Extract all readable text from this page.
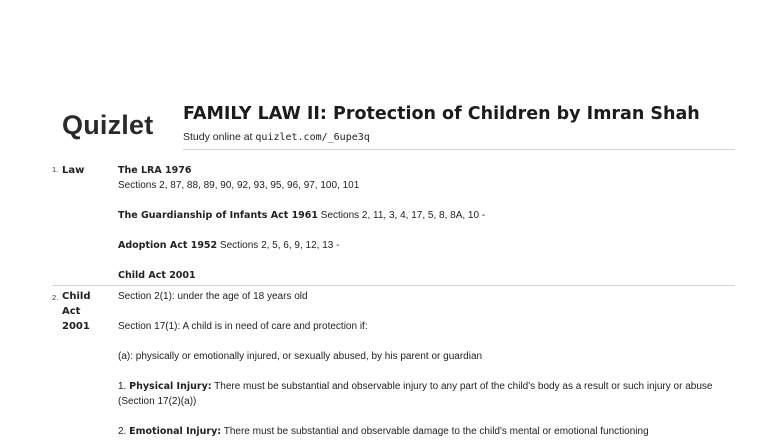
Quizlet FAMILY LAW II: Protection of Children by Imran Shah
Study online at quizlet.com/_6upe3q
1. Law	The LRA 1976

Sections 2, 87, 88, 89, 90, 92, 93, 95, 96, 97, 100, 101

The Guardianship of Infants Act 1961 Sections 2, 11, 3, 4, 17, 5, 8, 8A, 10 -

Adoption Act 1952 Sections 2, 5, 6, 9, 12, 13 -

Child Act 2001

2. Child
Act
2001

Section 2(1): under the age of 18 years old

Section 17(1): A child is in need of care and protection if:

(a): physically or emotionally injured, or sexually abused, by his parent or guardian

1. Physical Injury: There must be substantial and observable injury to any part of the child's body as a result or such injury or abuse (Section 17(2)(a))

2. Emotional Injury: There must be substantial and observable damage to the child's mental or emotional functioning
